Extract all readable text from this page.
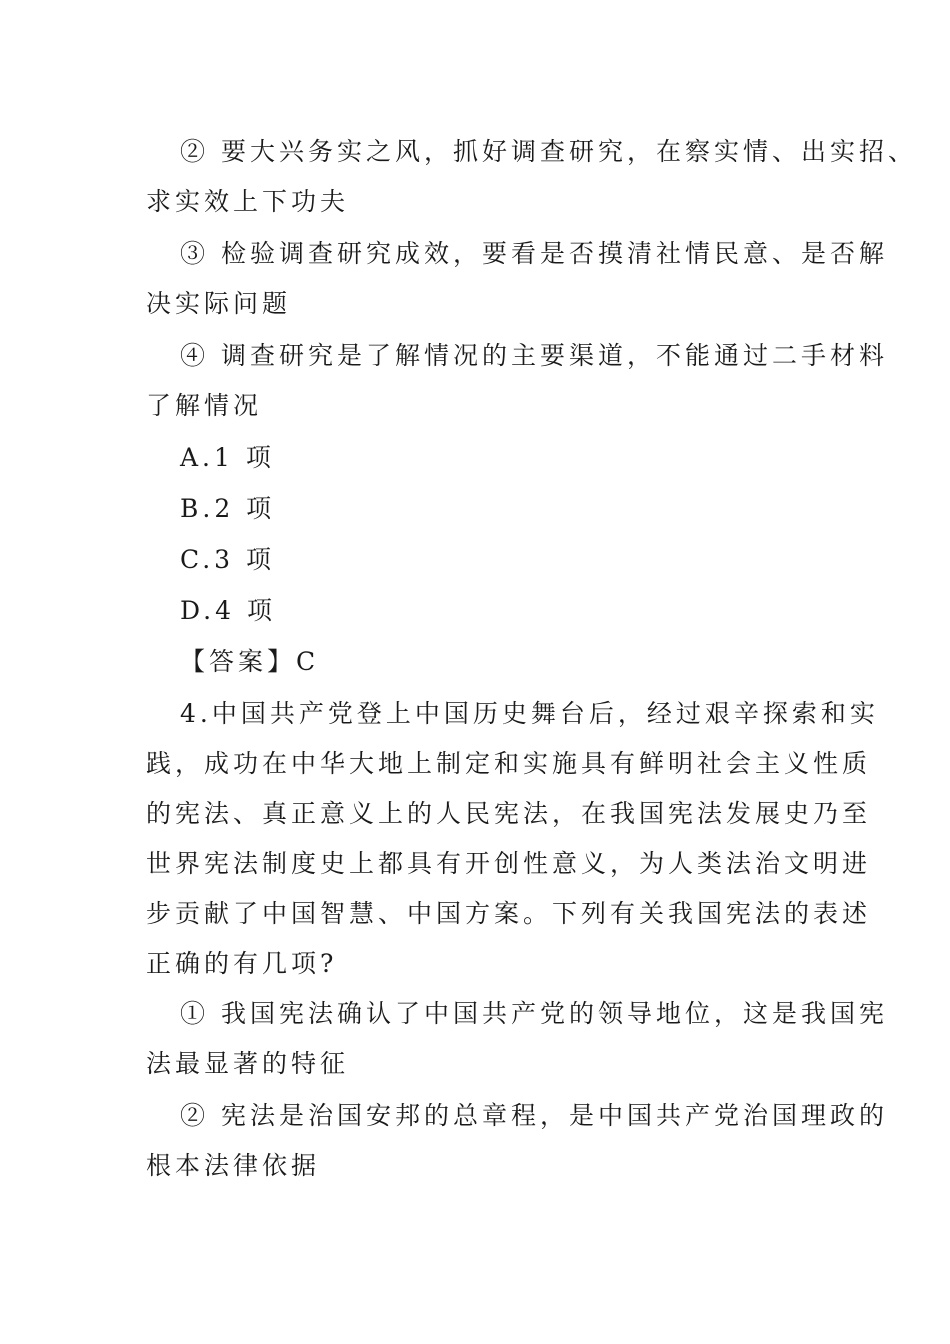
② 要大兴务实之风，抓好调查研究，在察实情、出实招、
求实效上下功夫
③ 检验调查研究成效，要看是否摸清社情民意、是否解
决实际问题
④ 调查研究是了解情况的主要渠道，不能通过二手材料
了解情况
A.1 项
B.2 项
C.3 项
D.4 项
【答案】C
4.中国共产党登上中国历史舞台后，经过艰辛探索和实
践，成功在中华大地上制定和实施具有鲜明社会主义性质
的宪法、真正意义上的人民宪法，在我国宪法发展史乃至
世界宪法制度史上都具有开创性意义，为人类法治文明进
步贡献了中国智慧、中国方案。下列有关我国宪法的表述
正确的有几项?
① 我国宪法确认了中国共产党的领导地位，这是我国宪
法最显著的特征
② 宪法是治国安邦的总章程，是中国共产党治国理政的
根本法律依据
